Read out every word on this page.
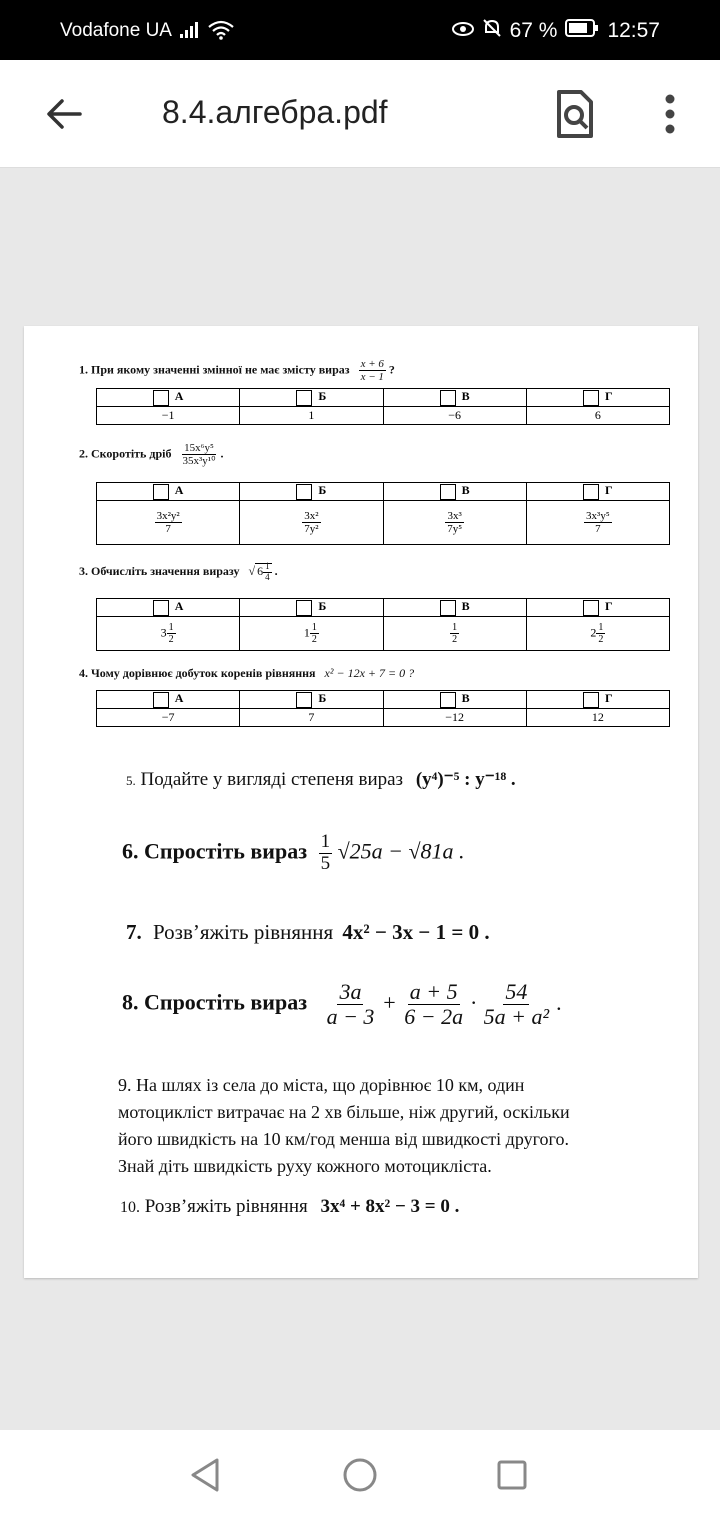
Vodafone UA	67 % 12:57
8.4.алгебра.pdf
1. При якому значенні змінної не має змісту вираз $\frac{x + 6}{x - 1}$ ?
А	Б	В	Г
−1	1	−6	6
2. Скоротіть дріб $\frac{\text{15x⁶y⁵}}{\text{35x³y¹⁰}}$ .
А	Б	В	Г

$\frac{\text{3x²y²}}{7}$	$\frac{\text{3x²}}{\text{7y²}}$	$\frac{\text{3x³}}{\text{7y⁵}}$	$\frac{\text{3x³y⁵}}{7}$
3. Обчисліть значення виразу √ $6 \frac{1}{4}$ .
А	Б	В	Г
$3 \frac{1}{2}$	$1 \frac{1}{2}$	$\frac{1}{2}$	$2 \frac{1}{2}$
4. Чому дорівнює добуток коренів рівняння x² − 12x + 7 = 0 ?
А	Б	В	Г
−7	7	−12	12
5. Подайте у вигляді степеня вираз (y⁴)⁻⁵ : y⁻¹⁸ .
6. Спростіть вираз $\frac{1}{5} √25a - √81a$ .
7. Розв’яжіть рівняння 4x² − 3x − 1 = 0 .
8. Спростіть вираз $\frac{3a}{a - 3} + \frac{a + 5}{6 - 2a} \cdot \frac{54}{\text{5a + a²}}$ .
9. На шлях із села до міста, що дорівнює 10 км, один
мотоцикліст витрачає на 2 хв більше, ніж другий, оскільки
його швидкість на 10 км/год менша від швидкості другого.
Знай діть швидкість руху кожного мотоцикліста.
10. Розв’яжіть рівняння 3x⁴ + 8x² − 3 = 0 .
